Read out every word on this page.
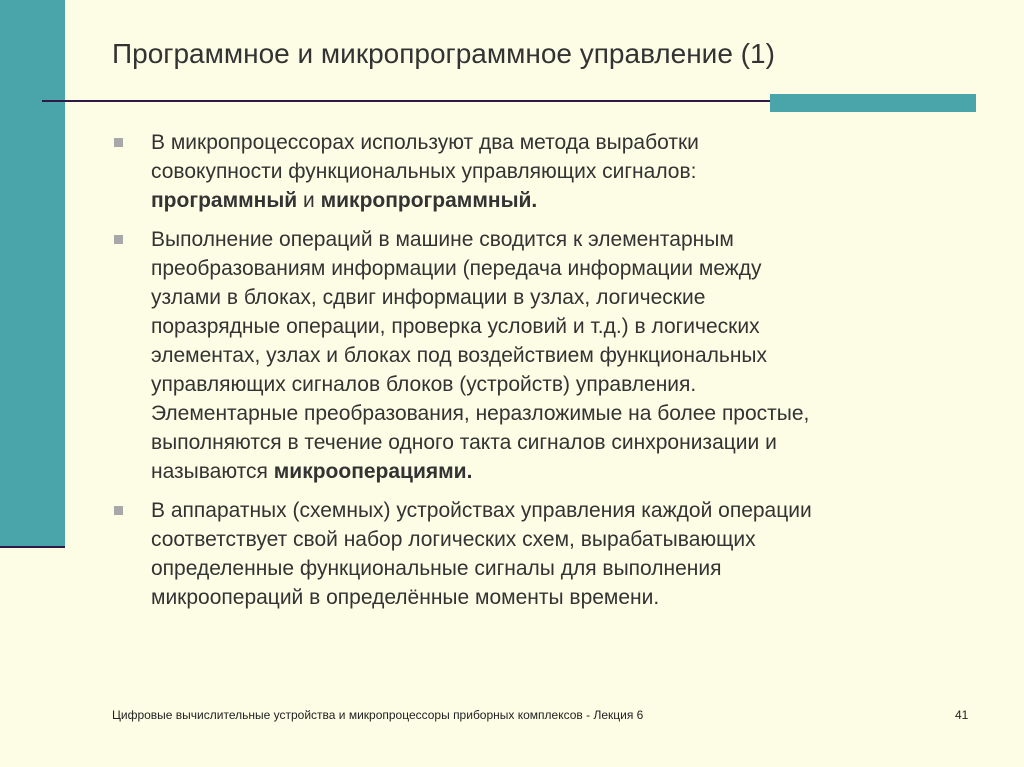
Программное и микропрограммное управление (1)
В микропроцессорах используют два метода выработки
совокупности функциональных управляющих сигналов:
программный и микропрограммный.
Выполнение операций в машине сводится к элементарным
преобразованиям информации (передача информации между
узлами в блоках, сдвиг информации в узлах, логические
поразрядные операции, проверка условий и т.д.) в логических
элементах, узлах и блоках под воздействием функциональных
управляющих сигналов блоков (устройств) управления.
Элементарные преобразования, неразложимые на более простые,
выполняются в течение одного такта сигналов синхронизации и
называются микрооперациями.
В аппаратных (схемных) устройствах управления каждой операции
соответствует свой набор логических схем, вырабатывающих
определенные функциональные сигналы для выполнения
микроопераций в определённые моменты времени.
Цифровые вычислительные устройства и микропроцессоры приборных комплексов - Лекция 6	41
